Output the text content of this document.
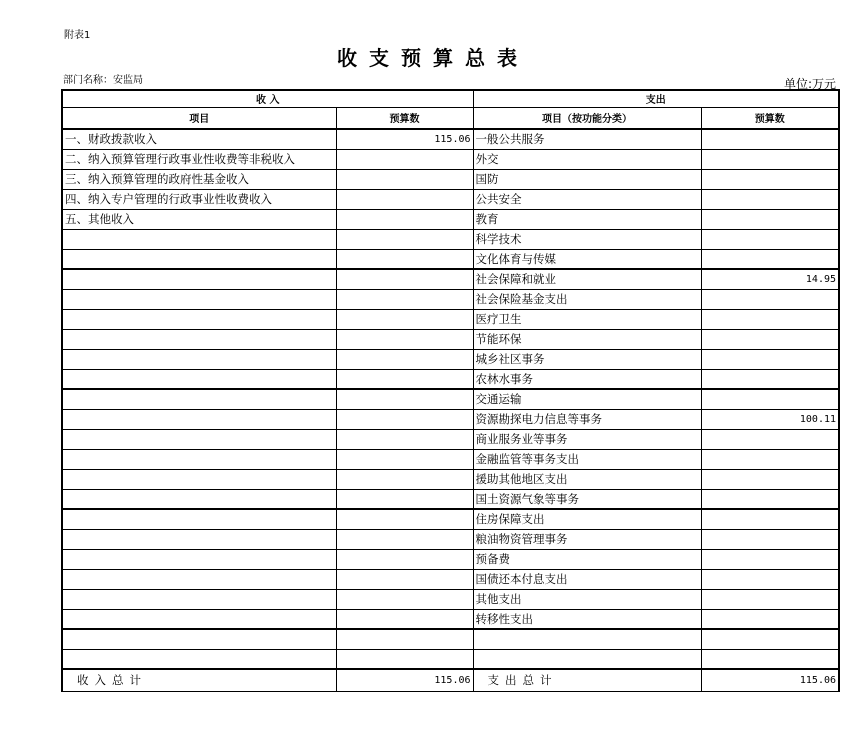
附表1
收支预算总表
部门名称：安监局	单位:万元
收 入		支出	
项目	预算数	项目（按功能分类）	预算数
一、财政拨款收入	115.06	一般公共服务	
二、纳入预算管理行政事业性收费等非税收入		外交	
三、纳入预算管理的政府性基金收入		国防	
四、纳入专户管理的行政事业性收费收入		公共安全	
五、其他收入		教育	
		科学技术	
		文化体育与传媒	
		社会保障和就业	14.95
		社会保险基金支出	
		医疗卫生	
		节能环保	
		城乡社区事务	
		农林水事务	
		交通运输	
		资源勘探电力信息等事务	100.11
		商业服务业等事务	
		金融监管等事务支出	
		援助其他地区支出	
		国土资源气象等事务	
		住房保障支出	
		粮油物资管理事务	
		预备费	
		国债还本付息支出	
		其他支出	
		转移性支出	

收入总计	115.06	支出总计	115.06
